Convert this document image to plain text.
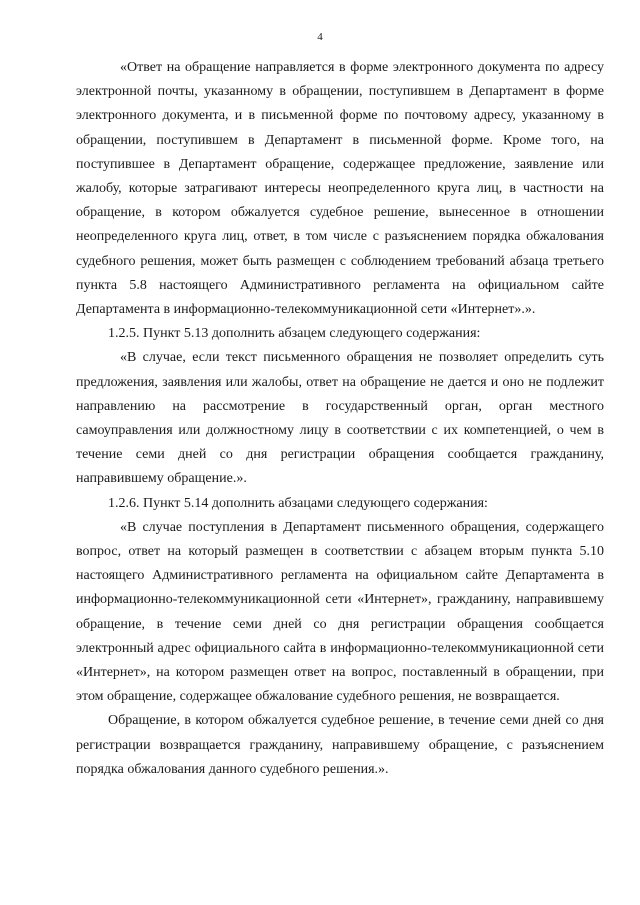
4

«Ответ на обращение направляется в форме электронного документа по адресу электронной почты, указанному в обращении, поступившем в Департамент в форме электронного документа, и в письменной форме по почтовому адресу, указанному в обращении, поступившем в Департамент в письменной форме. Кроме того, на поступившее в Департамент обращение, содержащее предложение, заявление или жалобу, которые затрагивают интересы неопределенного круга лиц, в частности на обращение, в котором обжалуется судебное решение, вынесенное в отношении неопределенного круга лиц, ответ, в том числе с разъяснением порядка обжалования судебного решения, может быть размещен с соблюдением требований абзаца третьего пункта 5.8 настоящего Административного регламента на официальном сайте Департамента в информационно-телекоммуникационной сети «Интернет».».

1.2.5. Пункт 5.13 дополнить абзацем следующего содержания:

«В случае, если текст письменного обращения не позволяет определить суть предложения, заявления или жалобы, ответ на обращение не дается и оно не подлежит направлению на рассмотрение в государственный орган, орган местного самоуправления или должностному лицу в соответствии с их компетенцией, о чем в течение семи дней со дня регистрации обращения сообщается гражданину, направившему обращение.».

1.2.6. Пункт 5.14 дополнить абзацами следующего содержания:

«В случае поступления в Департамент письменного обращения, содержащего вопрос, ответ на который размещен в соответствии с абзацем вторым пункта 5.10 настоящего Административного регламента на официальном сайте Департамента в информационно-телекоммуникационной сети «Интернет», гражданину, направившему обращение, в течение семи дней со дня регистрации обращения сообщается электронный адрес официального сайта в информационно-телекоммуникационной сети «Интернет», на котором размещен ответ на вопрос, поставленный в обращении, при этом обращение, содержащее обжалование судебного решения, не возвращается.

Обращение, в котором обжалуется судебное решение, в течение семи дней со дня регистрации возвращается гражданину, направившему обращение, с разъяснением порядка обжалования данного судебного решения.».
